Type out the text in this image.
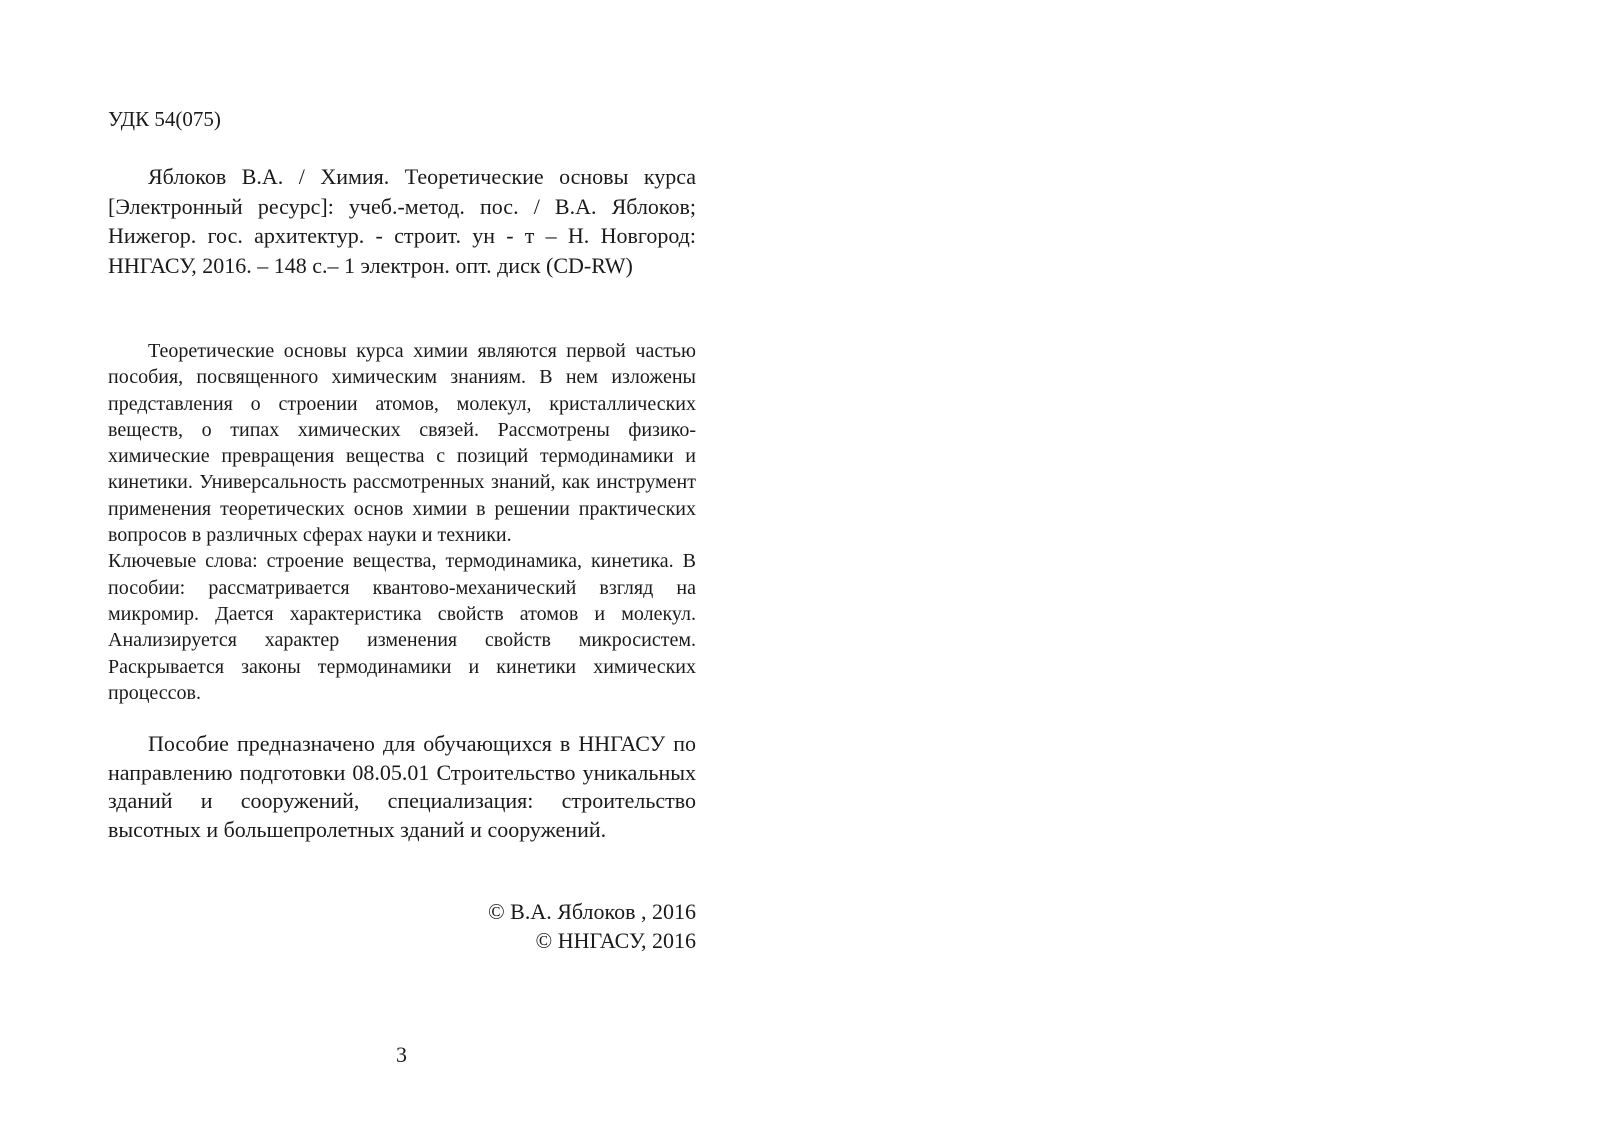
УДК 54(075)

Яблоков В.А. / Химия. Теоретические основы курса [Электронный ресурс]: учеб.-метод. пос. / В.А. Яблоков; Нижегор. гос. архитектур. - строит. ун - т – Н. Новгород: ННГАСУ, 2016. – 148 с.– 1 электрон. опт. диск (CD-RW)

Теоретические основы курса химии являются первой частью пособия, посвященного химическим знаниям. В нем изложены представления о строении атомов, молекул, кристаллических веществ, о типах химических связей. Рассмотрены физико-химические превращения вещества с позиций термодинамики и кинетики. Универсальность рассмотренных знаний, как инструмент применения теоретических основ химии в решении практических вопросов в различных сферах науки и техники.

Ключевые слова: строение вещества, термодинамика, кинетика. В пособии: рассматривается квантово-механический взгляд на микромир. Дается характеристика свойств атомов и молекул. Анализируется характер изменения свойств микросистем. Раскрывается законы термодинамики и кинетики химических процессов.

Пособие предназначено для обучающихся в ННГАСУ по направлению подготовки 08.05.01 Строительство уникальных зданий и сооружений, специализация: строительство высотных и большепролетных зданий и сооружений.

© В.А. Яблоков , 2016
© ННГАСУ, 2016
3
